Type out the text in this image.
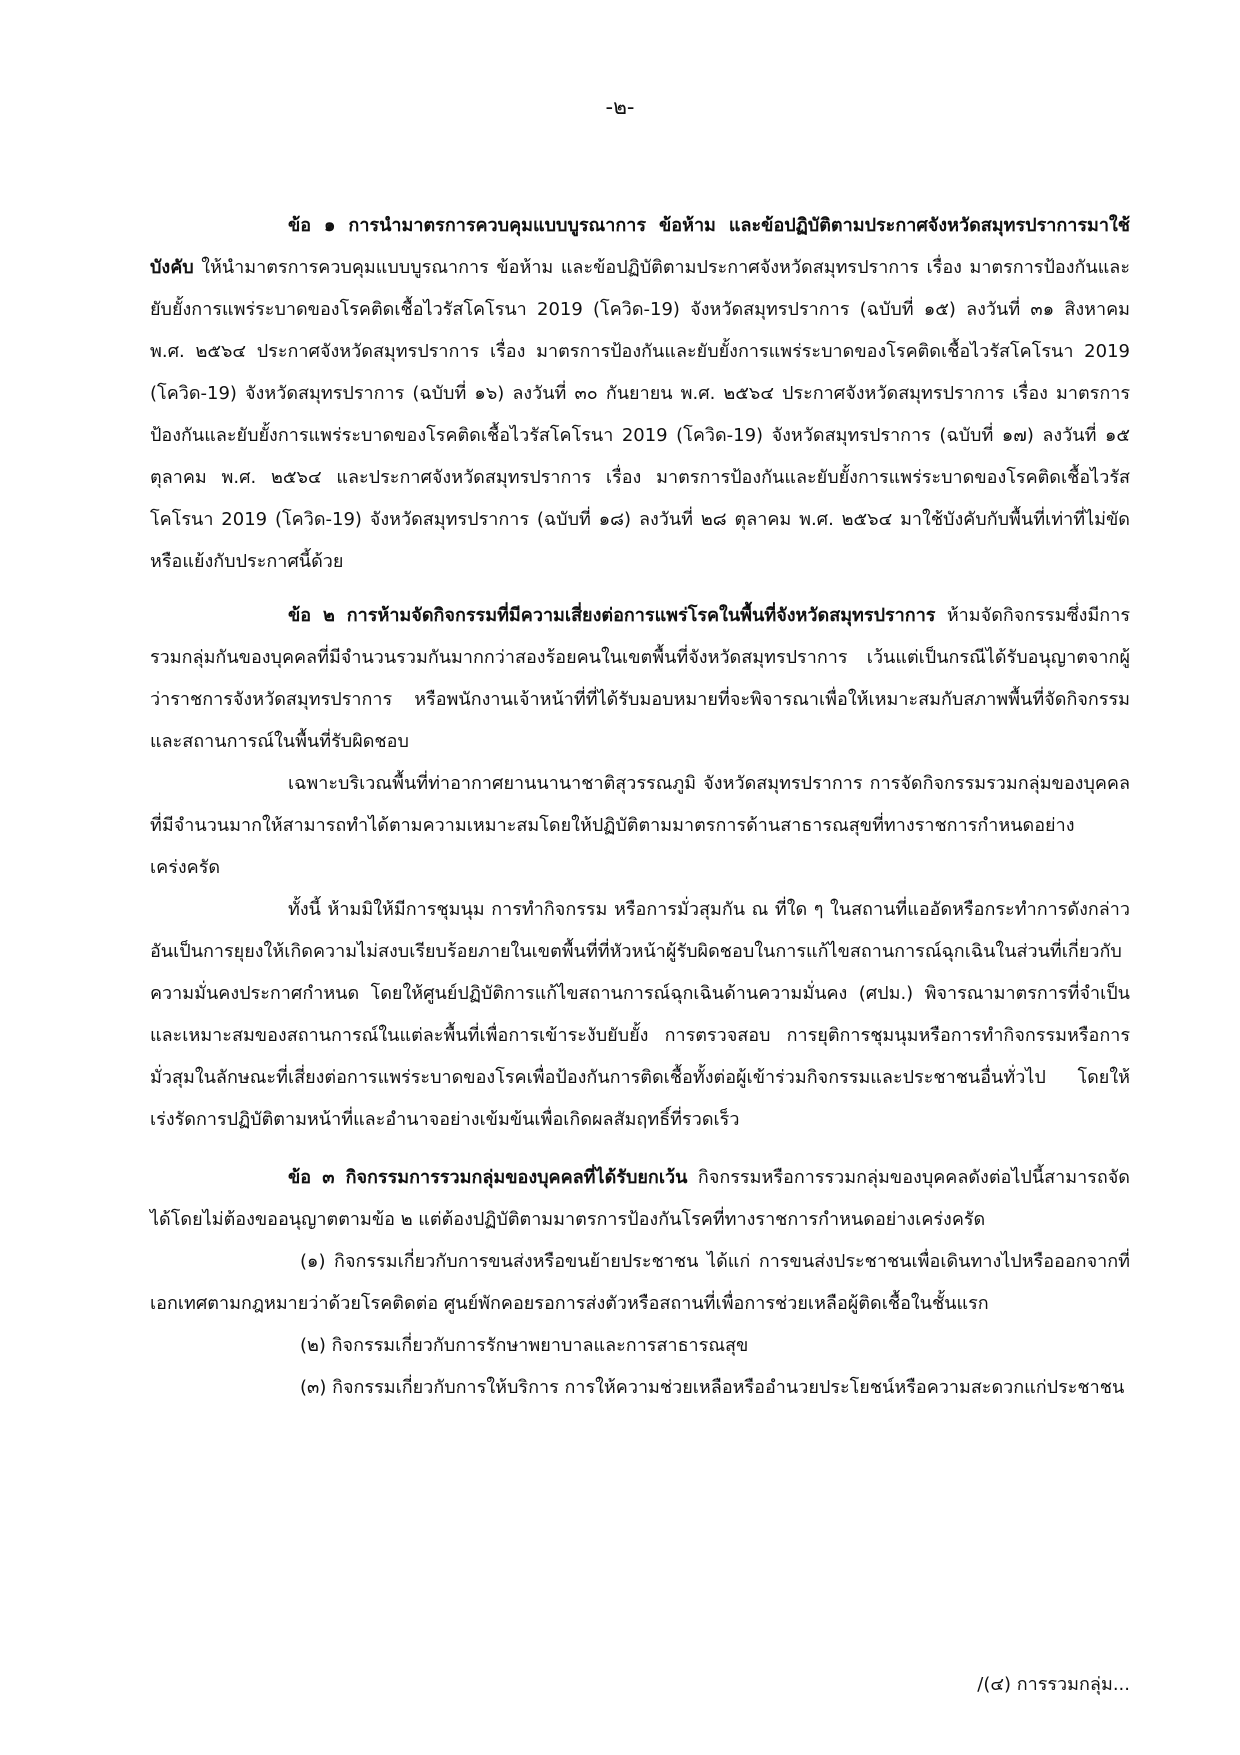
-๒-

ข้อ ๑ การนำมาตรการควบคุมแบบบูรณาการ ข้อห้าม และข้อปฏิบัติตามประกาศจังหวัดสมุทรปราการมาใช้บังคับ ให้นำมาตรการควบคุมแบบบูรณาการ ข้อห้าม และข้อปฏิบัติตามประกาศจังหวัดสมุทรปราการ เรื่อง มาตรการป้องกันและยับยั้งการแพร่ระบาดของโรคติดเชื้อไวรัสโคโรนา 2019 (โควิด-19) จังหวัดสมุทรปราการ (ฉบับที่ ๑๕) ลงวันที่ ๓๑ สิงหาคม พ.ศ. ๒๕๖๔ ประกาศจังหวัดสมุทรปราการ เรื่อง มาตรการป้องกันและยับยั้งการแพร่ระบาดของโรคติดเชื้อไวรัสโคโรนา 2019 (โควิด-19) จังหวัดสมุทรปราการ (ฉบับที่ ๑๖) ลงวันที่ ๓๐ กันยายน พ.ศ. ๒๕๖๔ ประกาศจังหวัดสมุทรปราการ เรื่อง มาตรการป้องกันและยับยั้งการแพร่ระบาดของโรคติดเชื้อไวรัสโคโรนา 2019 (โควิด-19) จังหวัดสมุทรปราการ (ฉบับที่ ๑๗) ลงวันที่ ๑๕ ตุลาคม พ.ศ. ๒๕๖๔ และประกาศจังหวัดสมุทรปราการ เรื่อง มาตรการป้องกันและยับยั้งการแพร่ระบาดของโรคติดเชื้อไวรัสโคโรนา 2019 (โควิด-19) จังหวัดสมุทรปราการ (ฉบับที่ ๑๘) ลงวันที่ ๒๘ ตุลาคม พ.ศ. ๒๕๖๔ มาใช้บังคับกับพื้นที่เท่าที่ไม่ขัดหรือแย้งกับประกาศนี้ด้วย

ข้อ ๒ การห้ามจัดกิจกรรมที่มีความเสี่ยงต่อการแพร่โรคในพื้นที่จังหวัดสมุทรปราการ ห้ามจัดกิจกรรมซึ่งมีการรวมกลุ่มกันของบุคคลที่มีจำนวนรวมกันมากกว่าสองร้อยคนในเขตพื้นที่จังหวัดสมุทรปราการ เว้นแต่เป็นกรณีได้รับอนุญาตจากผู้ว่าราชการจังหวัดสมุทรปราการ หรือพนักงานเจ้าหน้าที่ที่ได้รับมอบหมายที่จะพิจารณาเพื่อให้เหมาะสมกับสภาพพื้นที่จัดกิจกรรมและสถานการณ์ในพื้นที่รับผิดชอบ

เฉพาะบริเวณพื้นที่ท่าอากาศยานนานาชาติสุวรรณภูมิ จังหวัดสมุทรปราการ การจัดกิจกรรมรวมกลุ่มของบุคคลที่มีจำนวนมากให้สามารถทำได้ตามความเหมาะสมโดยให้ปฏิบัติตามมาตรการด้านสาธารณสุขที่ทางราชการกำหนดอย่างเคร่งครัด

ทั้งนี้ ห้ามมิให้มีการชุมนุม การทำกิจกรรม หรือการมั่วสุมกัน ณ ที่ใด ๆ ในสถานที่แออัดหรือกระทำการดังกล่าวอันเป็นการยุยงให้เกิดความไม่สงบเรียบร้อยภายในเขตพื้นที่ที่หัวหน้าผู้รับผิดชอบในการแก้ไขสถานการณ์ฉุกเฉินในส่วนที่เกี่ยวกับความมั่นคงประกาศกำหนด โดยให้ศูนย์ปฏิบัติการแก้ไขสถานการณ์ฉุกเฉินด้านความมั่นคง (ศปม.) พิจารณามาตรการที่จำเป็นและเหมาะสมของสถานการณ์ในแต่ละพื้นที่เพื่อการเข้าระงับยับยั้ง การตรวจสอบ การยุติการชุมนุมหรือการทำกิจกรรมหรือการมั่วสุมในลักษณะที่เสี่ยงต่อการแพร่ระบาดของโรคเพื่อป้องกันการติดเชื้อทั้งต่อผู้เข้าร่วมกิจกรรมและประชาชนอื่นทั่วไป โดยให้เร่งรัดการปฏิบัติตามหน้าที่และอำนาจอย่างเข้มข้นเพื่อเกิดผลสัมฤทธิ์ที่รวดเร็ว

ข้อ ๓ กิจกรรมการรวมกลุ่มของบุคคลที่ได้รับยกเว้น กิจกรรมหรือการรวมกลุ่มของบุคคลดังต่อไปนี้สามารถจัดได้โดยไม่ต้องขออนุญาตตามข้อ ๒ แต่ต้องปฏิบัติตามมาตรการป้องกันโรคที่ทางราชการกำหนดอย่างเคร่งครัด

(๑) กิจกรรมเกี่ยวกับการขนส่งหรือขนย้ายประชาชน ได้แก่ การขนส่งประชาชนเพื่อเดินทางไปหรือออกจากที่เอกเทศตามกฎหมายว่าด้วยโรคติดต่อ ศูนย์พักคอยรอการส่งตัวหรือสถานที่เพื่อการช่วยเหลือผู้ติดเชื้อในชั้นแรก

(๒) กิจกรรมเกี่ยวกับการรักษาพยาบาลและการสาธารณสุข

(๓) กิจกรรมเกี่ยวกับการให้บริการ การให้ความช่วยเหลือหรืออำนวยประโยชน์หรือความสะดวกแก่ประชาชน

/(๔) การรวมกลุ่ม...
